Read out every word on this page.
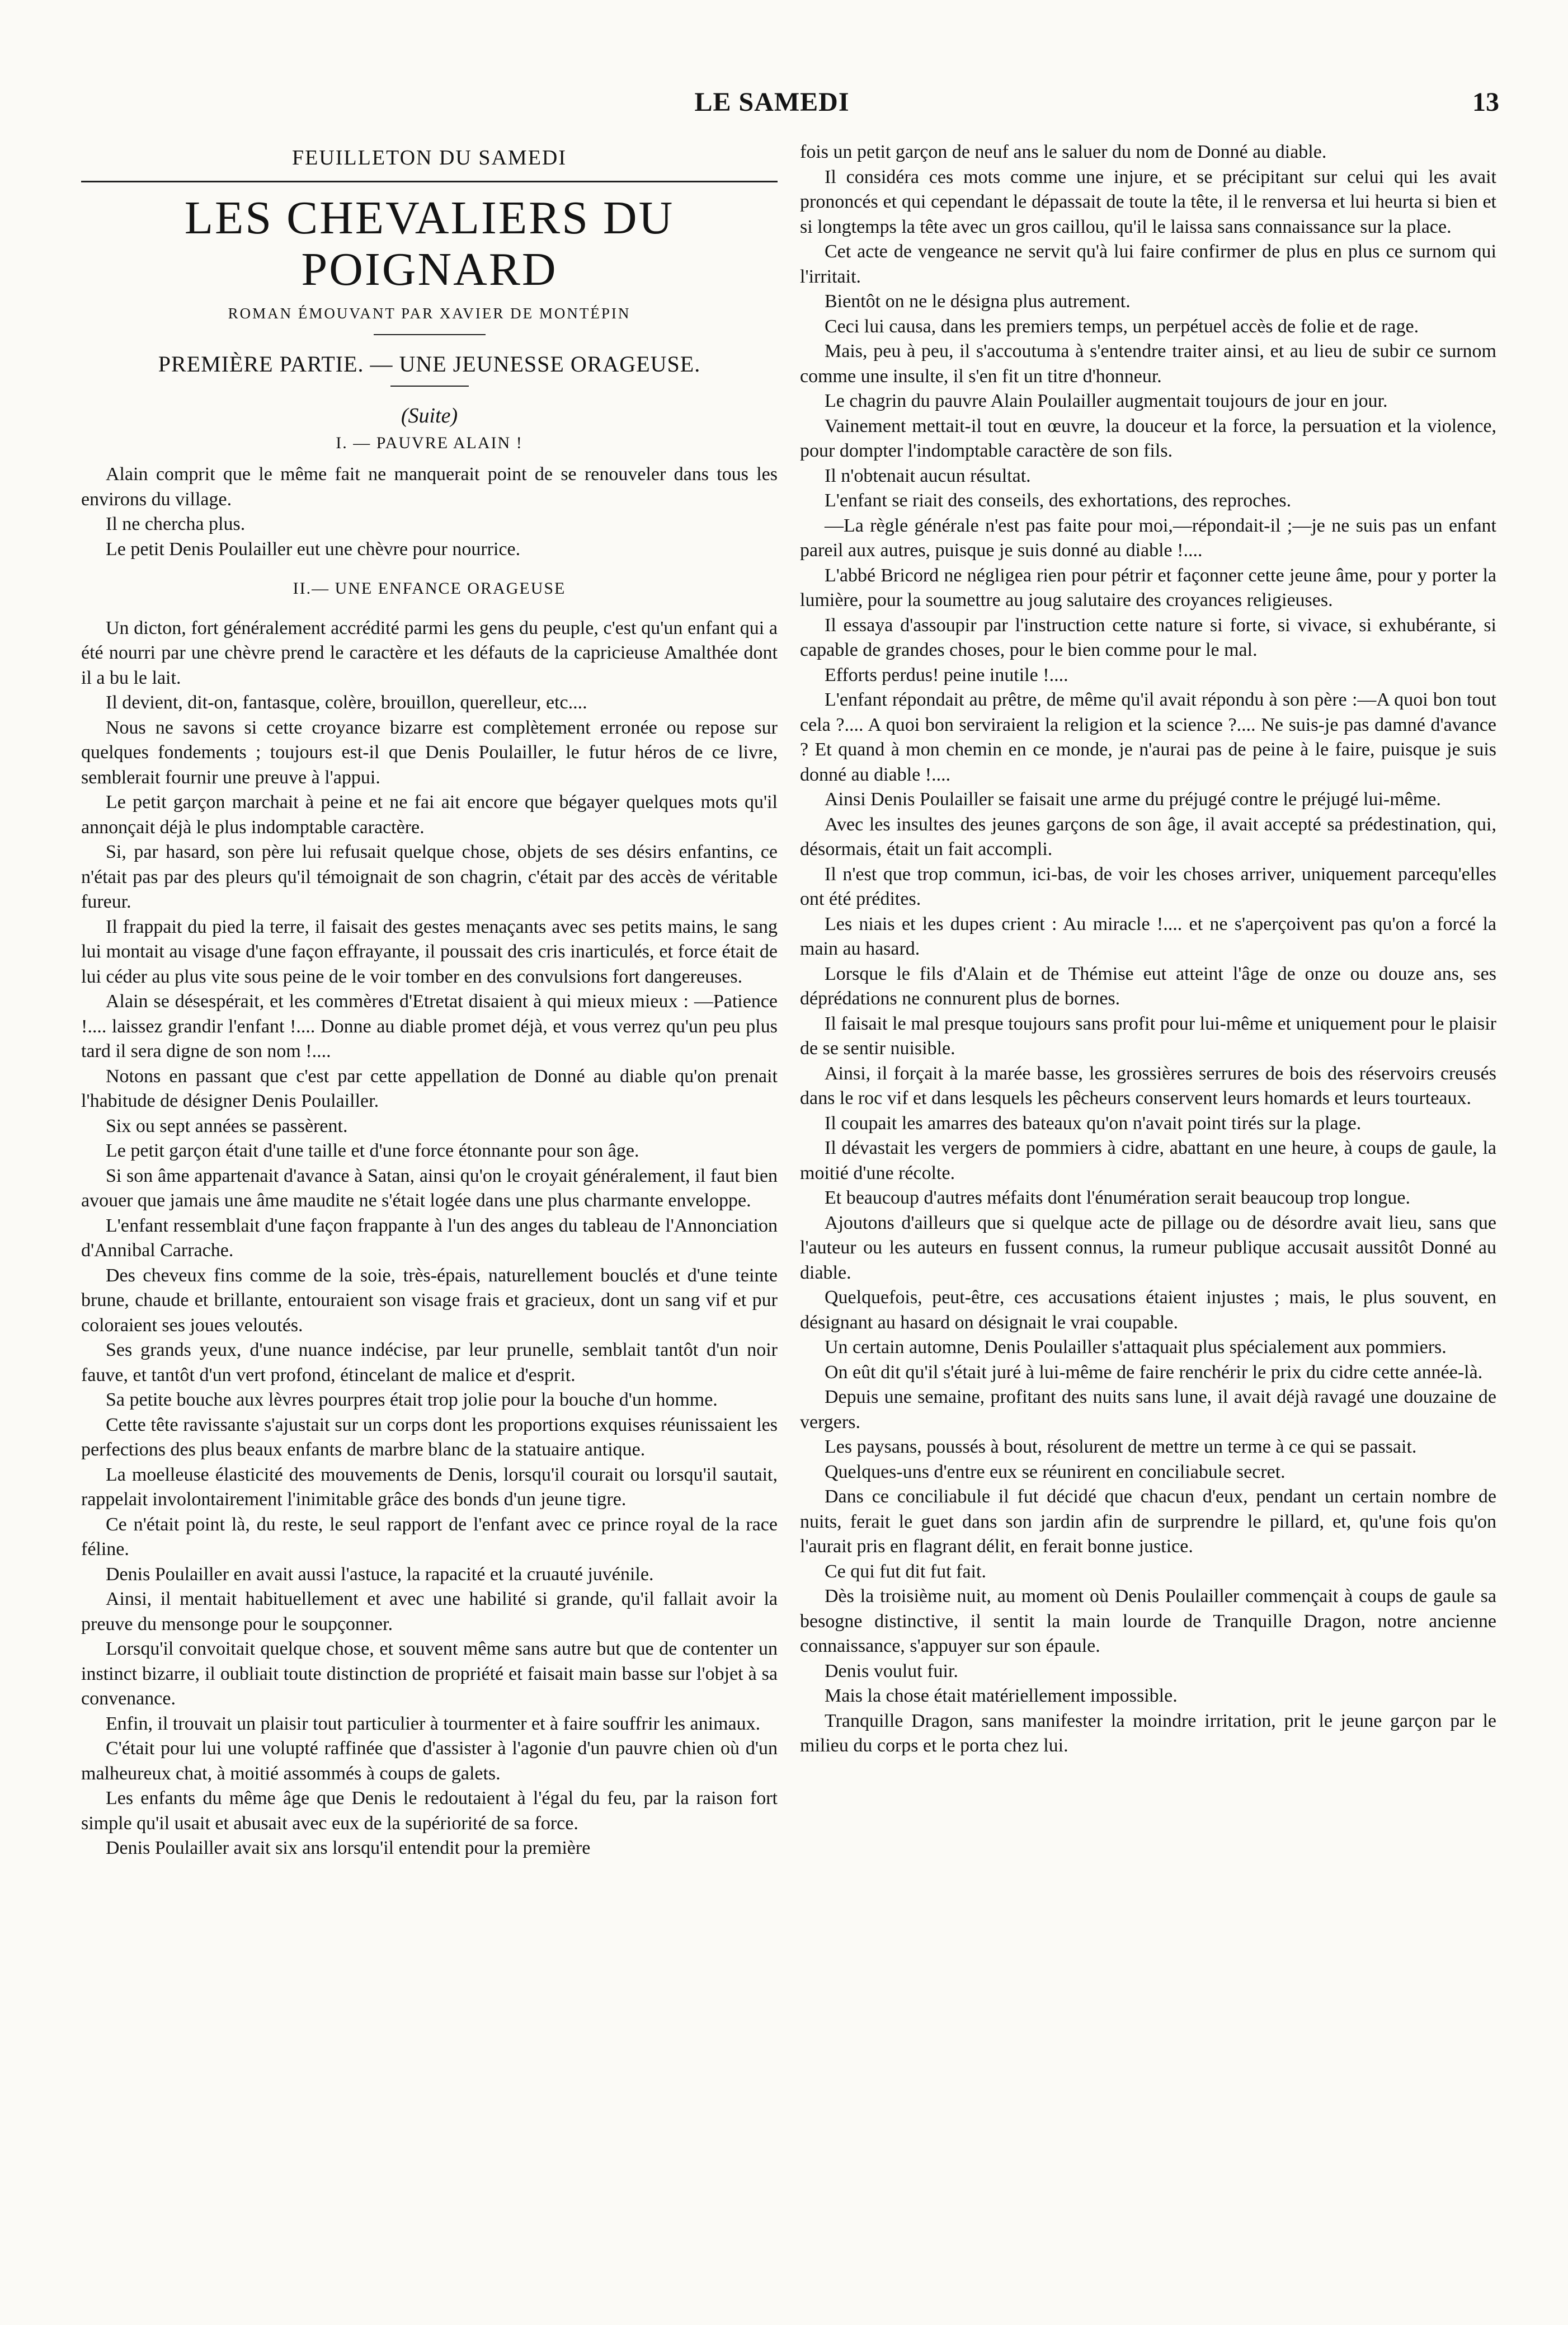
LE SAMEDI	13
FEUILLETON DU SAMEDI
LES CHEVALIERS DU POIGNARD
ROMAN ÉMOUVANT PAR XAVIER DE MONTÉPIN
PREMIÈRE PARTIE. — UNE JEUNESSE ORAGEUSE.
(Suite)
I. — PAUVRE ALAIN !

Alain comprit que le même fait ne manquerait point de se renouveler dans tous les environs du village.

Il ne chercha plus.

Le petit Denis Poulailler eut une chèvre pour nourrice.

II.— UNE ENFANCE ORAGEUSE

Un dicton, fort généralement accrédité parmi les gens du peuple, c'est qu'un enfant qui a été nourri par une chèvre prend le caractère et les défauts de la capricieuse Amalthée dont il a bu le lait.

Il devient, dit-on, fantasque, colère, brouillon, querelleur, etc....

Nous ne savons si cette croyance bizarre est complètement erronée ou repose sur quelques fondements ; toujours est-il que Denis Poulailler, le futur héros de ce livre, semblerait fournir une preuve à l'appui.

Le petit garçon marchait à peine et ne fai ait encore que bégayer quelques mots qu'il annonçait déjà le plus indomptable caractère.

Si, par hasard, son père lui refusait quelque chose, objets de ses désirs enfantins, ce n'était pas par des pleurs qu'il témoignait de son chagrin, c'était par des accès de véritable fureur.

Il frappait du pied la terre, il faisait des gestes menaçants avec ses petits mains, le sang lui montait au visage d'une façon effrayante, il poussait des cris inarticulés, et force était de lui céder au plus vite sous peine de le voir tomber en des convulsions fort dangereuses.

Alain se désespérait, et les commères d'Etretat disaient à qui mieux mieux : —Patience !.... laissez grandir l'enfant !.... Donne au diable promet déjà, et vous verrez qu'un peu plus tard il sera digne de son nom !....

Notons en passant que c'est par cette appellation de Donné au diable qu'on prenait l'habitude de désigner Denis Poulailler.

Six ou sept années se passèrent.

Le petit garçon était d'une taille et d'une force étonnante pour son âge.

Si son âme appartenait d'avance à Satan, ainsi qu'on le croyait généralement, il faut bien avouer que jamais une âme maudite ne s'était logée dans une plus charmante enveloppe.

L'enfant ressemblait d'une façon frappante à l'un des anges du tableau de l'Annonciation d'Annibal Carrache.

Des cheveux fins comme de la soie, très-épais, naturellement bouclés et d'une teinte brune, chaude et brillante, entouraient son visage frais et gracieux, dont un sang vif et pur coloraient ses joues veloutés.

Ses grands yeux, d'une nuance indécise, par leur prunelle, semblait tantôt d'un noir fauve, et tantôt d'un vert profond, étincelant de malice et d'esprit.

Sa petite bouche aux lèvres pourpres était trop jolie pour la bouche d'un homme.

Cette tête ravissante s'ajustait sur un corps dont les proportions exquises réunissaient les perfections des plus beaux enfants de marbre blanc de la statuaire antique.

La moelleuse élasticité des mouvements de Denis, lorsqu'il courait ou lorsqu'il sautait, rappelait involontairement l'inimitable grâce des bonds d'un jeune tigre.

Ce n'était point là, du reste, le seul rapport de l'enfant avec ce prince royal de la race féline.

Denis Poulailler en avait aussi l'astuce, la rapacité et la cruauté juvénile.

Ainsi, il mentait habituellement et avec une habilité si grande, qu'il fallait avoir la preuve du mensonge pour le soupçonner.

Lorsqu'il convoitait quelque chose, et souvent même sans autre but que de contenter un instinct bizarre, il oubliait toute distinction de propriété et faisait main basse sur l'objet à sa convenance.

Enfin, il trouvait un plaisir tout particulier à tourmenter et à faire souffrir les animaux.

C'était pour lui une volupté raffinée que d'assister à l'agonie d'un pauvre chien où d'un malheureux chat, à moitié assommés à coups de galets.

Les enfants du même âge que Denis le redoutaient à l'égal du feu, par la raison fort simple qu'il usait et abusait avec eux de la supériorité de sa force.

Denis Poulailler avait six ans lorsqu'il entendit pour la première

fois un petit garçon de neuf ans le saluer du nom de Donné au diable.

Il considéra ces mots comme une injure, et se précipitant sur celui qui les avait prononcés et qui cependant le dépassait de toute la tête, il le renversa et lui heurta si bien et si longtemps la tête avec un gros caillou, qu'il le laissa sans connaissance sur la place.

Cet acte de vengeance ne servit qu'à lui faire confirmer de plus en plus ce surnom qui l'irritait.

Bientôt on ne le désigna plus autrement.

Ceci lui causa, dans les premiers temps, un perpétuel accès de folie et de rage.

Mais, peu à peu, il s'accoutuma à s'entendre traiter ainsi, et au lieu de subir ce surnom comme une insulte, il s'en fit un titre d'honneur.

Le chagrin du pauvre Alain Poulailler augmentait toujours de jour en jour.

Vainement mettait-il tout en œuvre, la douceur et la force, la persuation et la violence, pour dompter l'indomptable caractère de son fils.

Il n'obtenait aucun résultat.

L'enfant se riait des conseils, des exhortations, des reproches.

—La règle générale n'est pas faite pour moi,—répondait-il ;—je ne suis pas un enfant pareil aux autres, puisque je suis donné au diable !....

L'abbé Bricord ne négligea rien pour pétrir et façonner cette jeune âme, pour y porter la lumière, pour la soumettre au joug salutaire des croyances religieuses.

Il essaya d'assoupir par l'instruction cette nature si forte, si vivace, si exhubérante, si capable de grandes choses, pour le bien comme pour le mal.

Efforts perdus! peine inutile !....

L'enfant répondait au prêtre, de même qu'il avait répondu à son père :—A quoi bon tout cela ?.... A quoi bon serviraient la religion et la science ?.... Ne suis-je pas damné d'avance ? Et quand à mon chemin en ce monde, je n'aurai pas de peine à le faire, puisque je suis donné au diable !....

Ainsi Denis Poulailler se faisait une arme du préjugé contre le préjugé lui-même.

Avec les insultes des jeunes garçons de son âge, il avait accepté sa prédestination, qui, désormais, était un fait accompli.

Il n'est que trop commun, ici-bas, de voir les choses arriver, uniquement parcequ'elles ont été prédites.

Les niais et les dupes crient : Au miracle !.... et ne s'aperçoivent pas qu'on a forcé la main au hasard.

Lorsque le fils d'Alain et de Thémise eut atteint l'âge de onze ou douze ans, ses déprédations ne connurent plus de bornes.

Il faisait le mal presque toujours sans profit pour lui-même et uniquement pour le plaisir de se sentir nuisible.

Ainsi, il forçait à la marée basse, les grossières serrures de bois des réservoirs creusés dans le roc vif et dans lesquels les pêcheurs conservent leurs homards et leurs tourteaux.

Il coupait les amarres des bateaux qu'on n'avait point tirés sur la plage.

Il dévastait les vergers de pommiers à cidre, abattant en une heure, à coups de gaule, la moitié d'une récolte.

Et beaucoup d'autres méfaits dont l'énumération serait beaucoup trop longue.

Ajoutons d'ailleurs que si quelque acte de pillage ou de désordre avait lieu, sans que l'auteur ou les auteurs en fussent connus, la rumeur publique accusait aussitôt Donné au diable.

Quelquefois, peut-être, ces accusations étaient injustes ; mais, le plus souvent, en désignant au hasard on désignait le vrai coupable.

Un certain automne, Denis Poulailler s'attaquait plus spécialement aux pommiers.

On eût dit qu'il s'était juré à lui-même de faire renchérir le prix du cidre cette année-là.

Depuis une semaine, profitant des nuits sans lune, il avait déjà ravagé une douzaine de vergers.

Les paysans, poussés à bout, résolurent de mettre un terme à ce qui se passait.

Quelques-uns d'entre eux se réunirent en conciliabule secret.

Dans ce conciliabule il fut décidé que chacun d'eux, pendant un certain nombre de nuits, ferait le guet dans son jardin afin de surprendre le pillard, et, qu'une fois qu'on l'aurait pris en flagrant délit, en ferait bonne justice.

Ce qui fut dit fut fait.

Dès la troisième nuit, au moment où Denis Poulailler commençait à coups de gaule sa besogne distinctive, il sentit la main lourde de Tranquille Dragon, notre ancienne connaissance, s'appuyer sur son épaule.

Denis voulut fuir.

Mais la chose était matériellement impossible.

Tranquille Dragon, sans manifester la moindre irritation, prit le jeune garçon par le milieu du corps et le porta chez lui.
